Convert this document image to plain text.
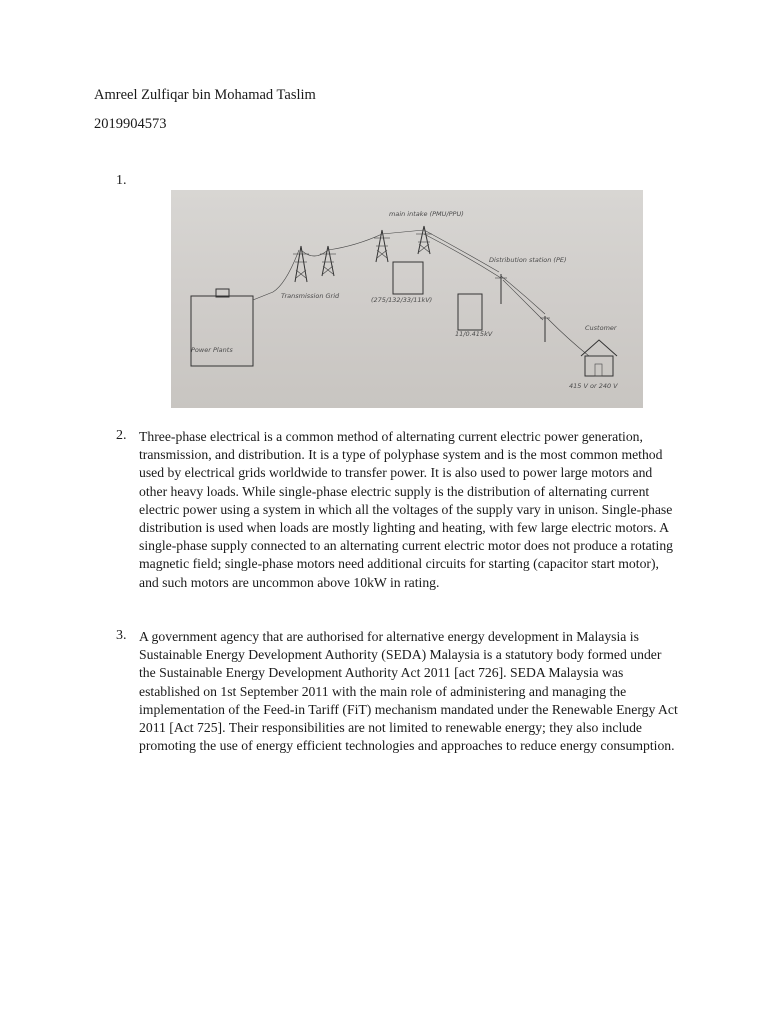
Amreel Zulfiqar bin Mohamad Taslim
2019904573
1.
main intake (PMU/PPU)
Distribution station (PE)
Transmission Grid	(275/132/33/11kV)
11/0.415kV
Customer
Power Plants
415 V or 240 V
2. Three-phase electrical is a common method of alternating current electric power generation, transmission, and distribution. It is a type of polyphase system and is the most common method used by electrical grids worldwide to transfer power. It is also used to power large motors and other heavy loads. While single-phase electric supply is the distribution of alternating current electric power using a system in which all the voltages of the supply vary in unison. Single-phase distribution is used when loads are mostly lighting and heating, with few large electric motors. A single-phase supply connected to an alternating current electric motor does not produce a rotating magnetic field; single-phase motors need additional circuits for starting (capacitor start motor), and such motors are uncommon above 10kW in rating.

3. A government agency that are authorised for alternative energy development in Malaysia is Sustainable Energy Development Authority (SEDA) Malaysia is a statutory body formed under the Sustainable Energy Development Authority Act 2011 [act 726]. SEDA Malaysia was established on 1st September 2011 with the main role of administering and managing the implementation of the Feed-in Tariff (FiT) mechanism mandated under the Renewable Energy Act 2011 [Act 725]. Their responsibilities are not limited to renewable energy; they also include promoting the use of energy efficient technologies and approaches to reduce energy consumption.
